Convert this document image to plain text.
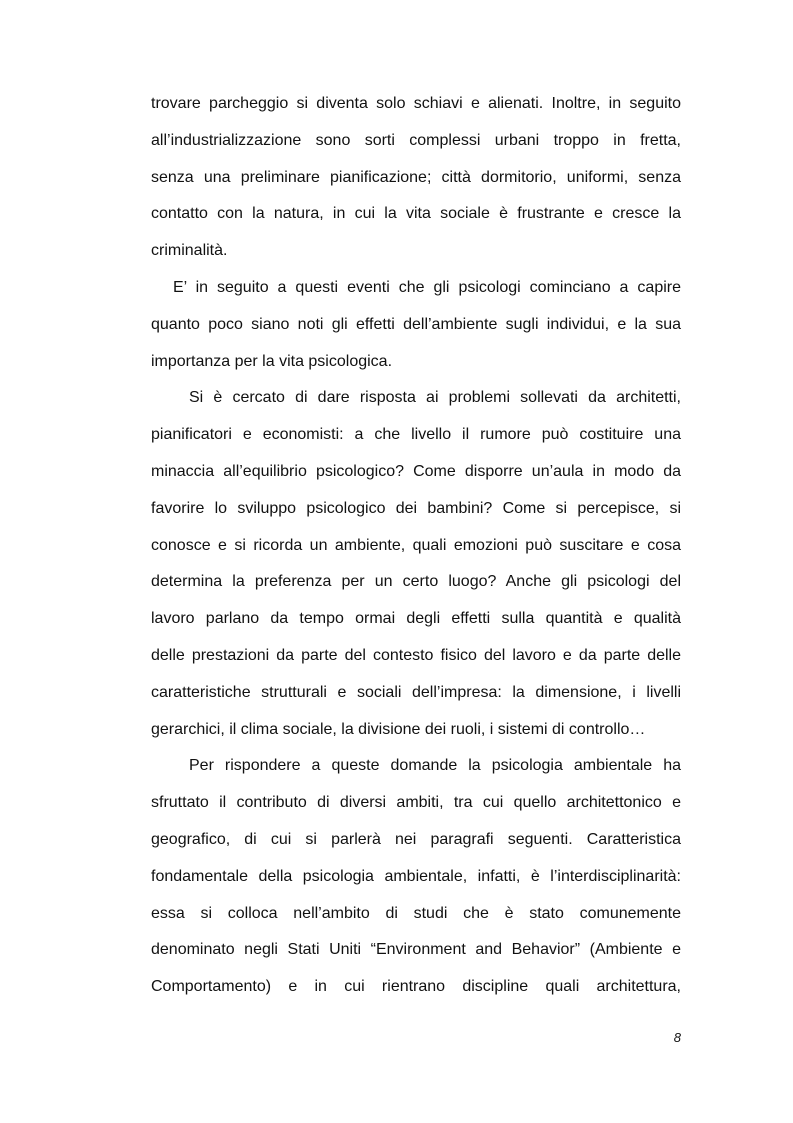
trovare parcheggio si diventa solo schiavi e alienati. Inoltre, in seguito
all’industrializzazione sono sorti complessi urbani troppo in fretta,
senza una preliminare pianificazione; città dormitorio, uniformi, senza
contatto con la natura, in cui la vita sociale è frustrante e cresce la
criminalità.

E’ in seguito a questi eventi che gli psicologi cominciano a capire
quanto poco siano noti gli effetti dell’ambiente sugli individui, e la sua
importanza per la vita psicologica.

Si è cercato di dare risposta ai problemi sollevati da architetti,
pianificatori e economisti: a che livello il rumore può costituire una
minaccia all’equilibrio psicologico? Come disporre un’aula in modo da
favorire lo sviluppo psicologico dei bambini? Come si percepisce, si
conosce e si ricorda un ambiente, quali emozioni può suscitare e cosa
determina la preferenza per un certo luogo? Anche gli psicologi del
lavoro parlano da tempo ormai degli effetti sulla quantità e qualità
delle prestazioni da parte del contesto fisico del lavoro e da parte delle
caratteristiche strutturali e sociali dell’impresa: la dimensione, i livelli
gerarchici, il clima sociale, la divisione dei ruoli, i sistemi di controllo…

Per rispondere a queste domande la psicologia ambientale ha
sfruttato il contributo di diversi ambiti, tra cui quello architettonico e
geografico, di cui si parlerà nei paragrafi seguenti. Caratteristica
fondamentale della psicologia ambientale, infatti, è l’interdisciplinarità:
essa si colloca nell’ambito di studi che è stato comunemente
denominato negli Stati Uniti “Environment and Behavior” (Ambiente e
Comportamento) e in cui rientrano discipline quali architettura,

8
